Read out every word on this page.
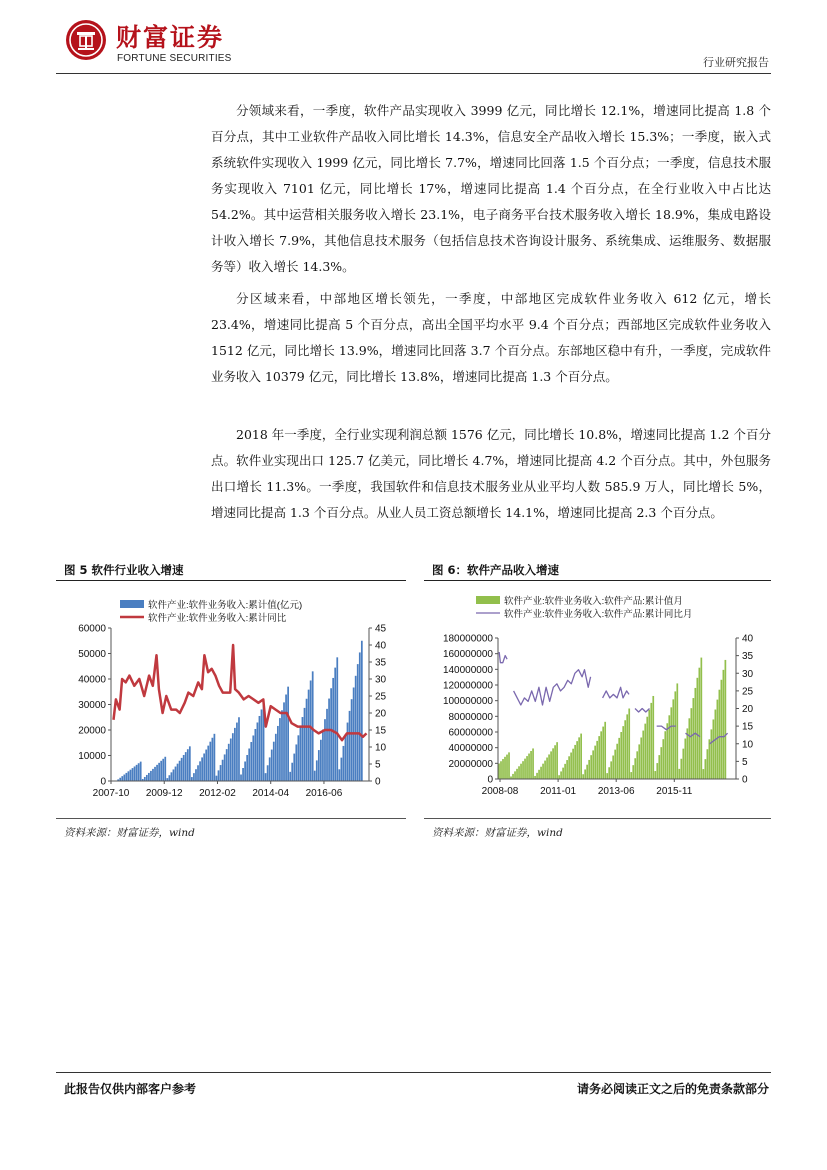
财富证券
FORTUNE SECURITIES	行业研究报告

分领域来看，一季度，软件产品实现收入 3999 亿元，同比增长 12.1%，增速同比提高 1.8 个百分点，其中工业软件产品收入同比增长 14.3%，信息安全产品收入增长 15.3%；一季度，嵌入式系统软件实现收入 1999 亿元，同比增长 7.7%，增速同比回落 1.5 个百分点；一季度，信息技术服务实现收入 7101 亿元，同比增长 17%，增速同比提高 1.4 个百分点，在全行业收入中占比达 54.2%。其中运营相关服务收入增长 23.1%，电子商务平台技术服务收入增长 18.9%，集成电路设计收入增长 7.9%，其他信息技术服务（包括信息技术咨询设计服务、系统集成、运维服务、数据服务等）收入增长 14.3%。

分区域来看，中部地区增长领先，一季度，中部地区完成软件业务收入 612 亿元，增长 23.4%，增速同比提高 5 个百分点，高出全国平均水平 9.4 个百分点；西部地区完成软件业务收入 1512 亿元，同比增长 13.9%，增速同比回落 3.7 个百分点。东部地区稳中有升，一季度，完成软件业务收入 10379 亿元，同比增长 13.8%，增速同比提高 1.3 个百分点。

2018 年一季度，全行业实现利润总额 1576 亿元，同比增长 10.8%，增速同比提高 1.2 个百分点。软件业实现出口 125.7 亿美元，同比增长 4.7%，增速同比提高 4.2 个百分点。其中，外包服务出口增长 11.3%。一季度，我国软件和信息技术服务业从业平均人数 585.9 万人，同比增长 5%，增速同比提高 1.3 个百分点。从业人员工资总额增长 14.1%，增速同比提高 2.3 个百分点。

图 5 软件行业收入增速
软件产业:软件业务收入:累计值(亿元)
软件产业:软件业务收入:累计同比
0
10000
20000
30000
40000
50000
60000
0
5
10
15
20
25
30
35
40
45
2007-10 2009-12 2012-02 2014-04 2016-06
资料来源：财富证券，wind
图 6：软件产品收入增速
软件产业:软件业务收入:软件产品:累计值月
软件产业:软件业务收入:软件产品:累计同比月
0
20000000
40000000
60000000
80000000
100000000
120000000
140000000
160000000
180000000
0
5
10
15
20
25
30
35
40
2008-08 2011-01 2013-06 2015-11
资料来源：财富证券，wind
此报告仅供内部客户参考	请务必阅读正文之后的免责条款部分
